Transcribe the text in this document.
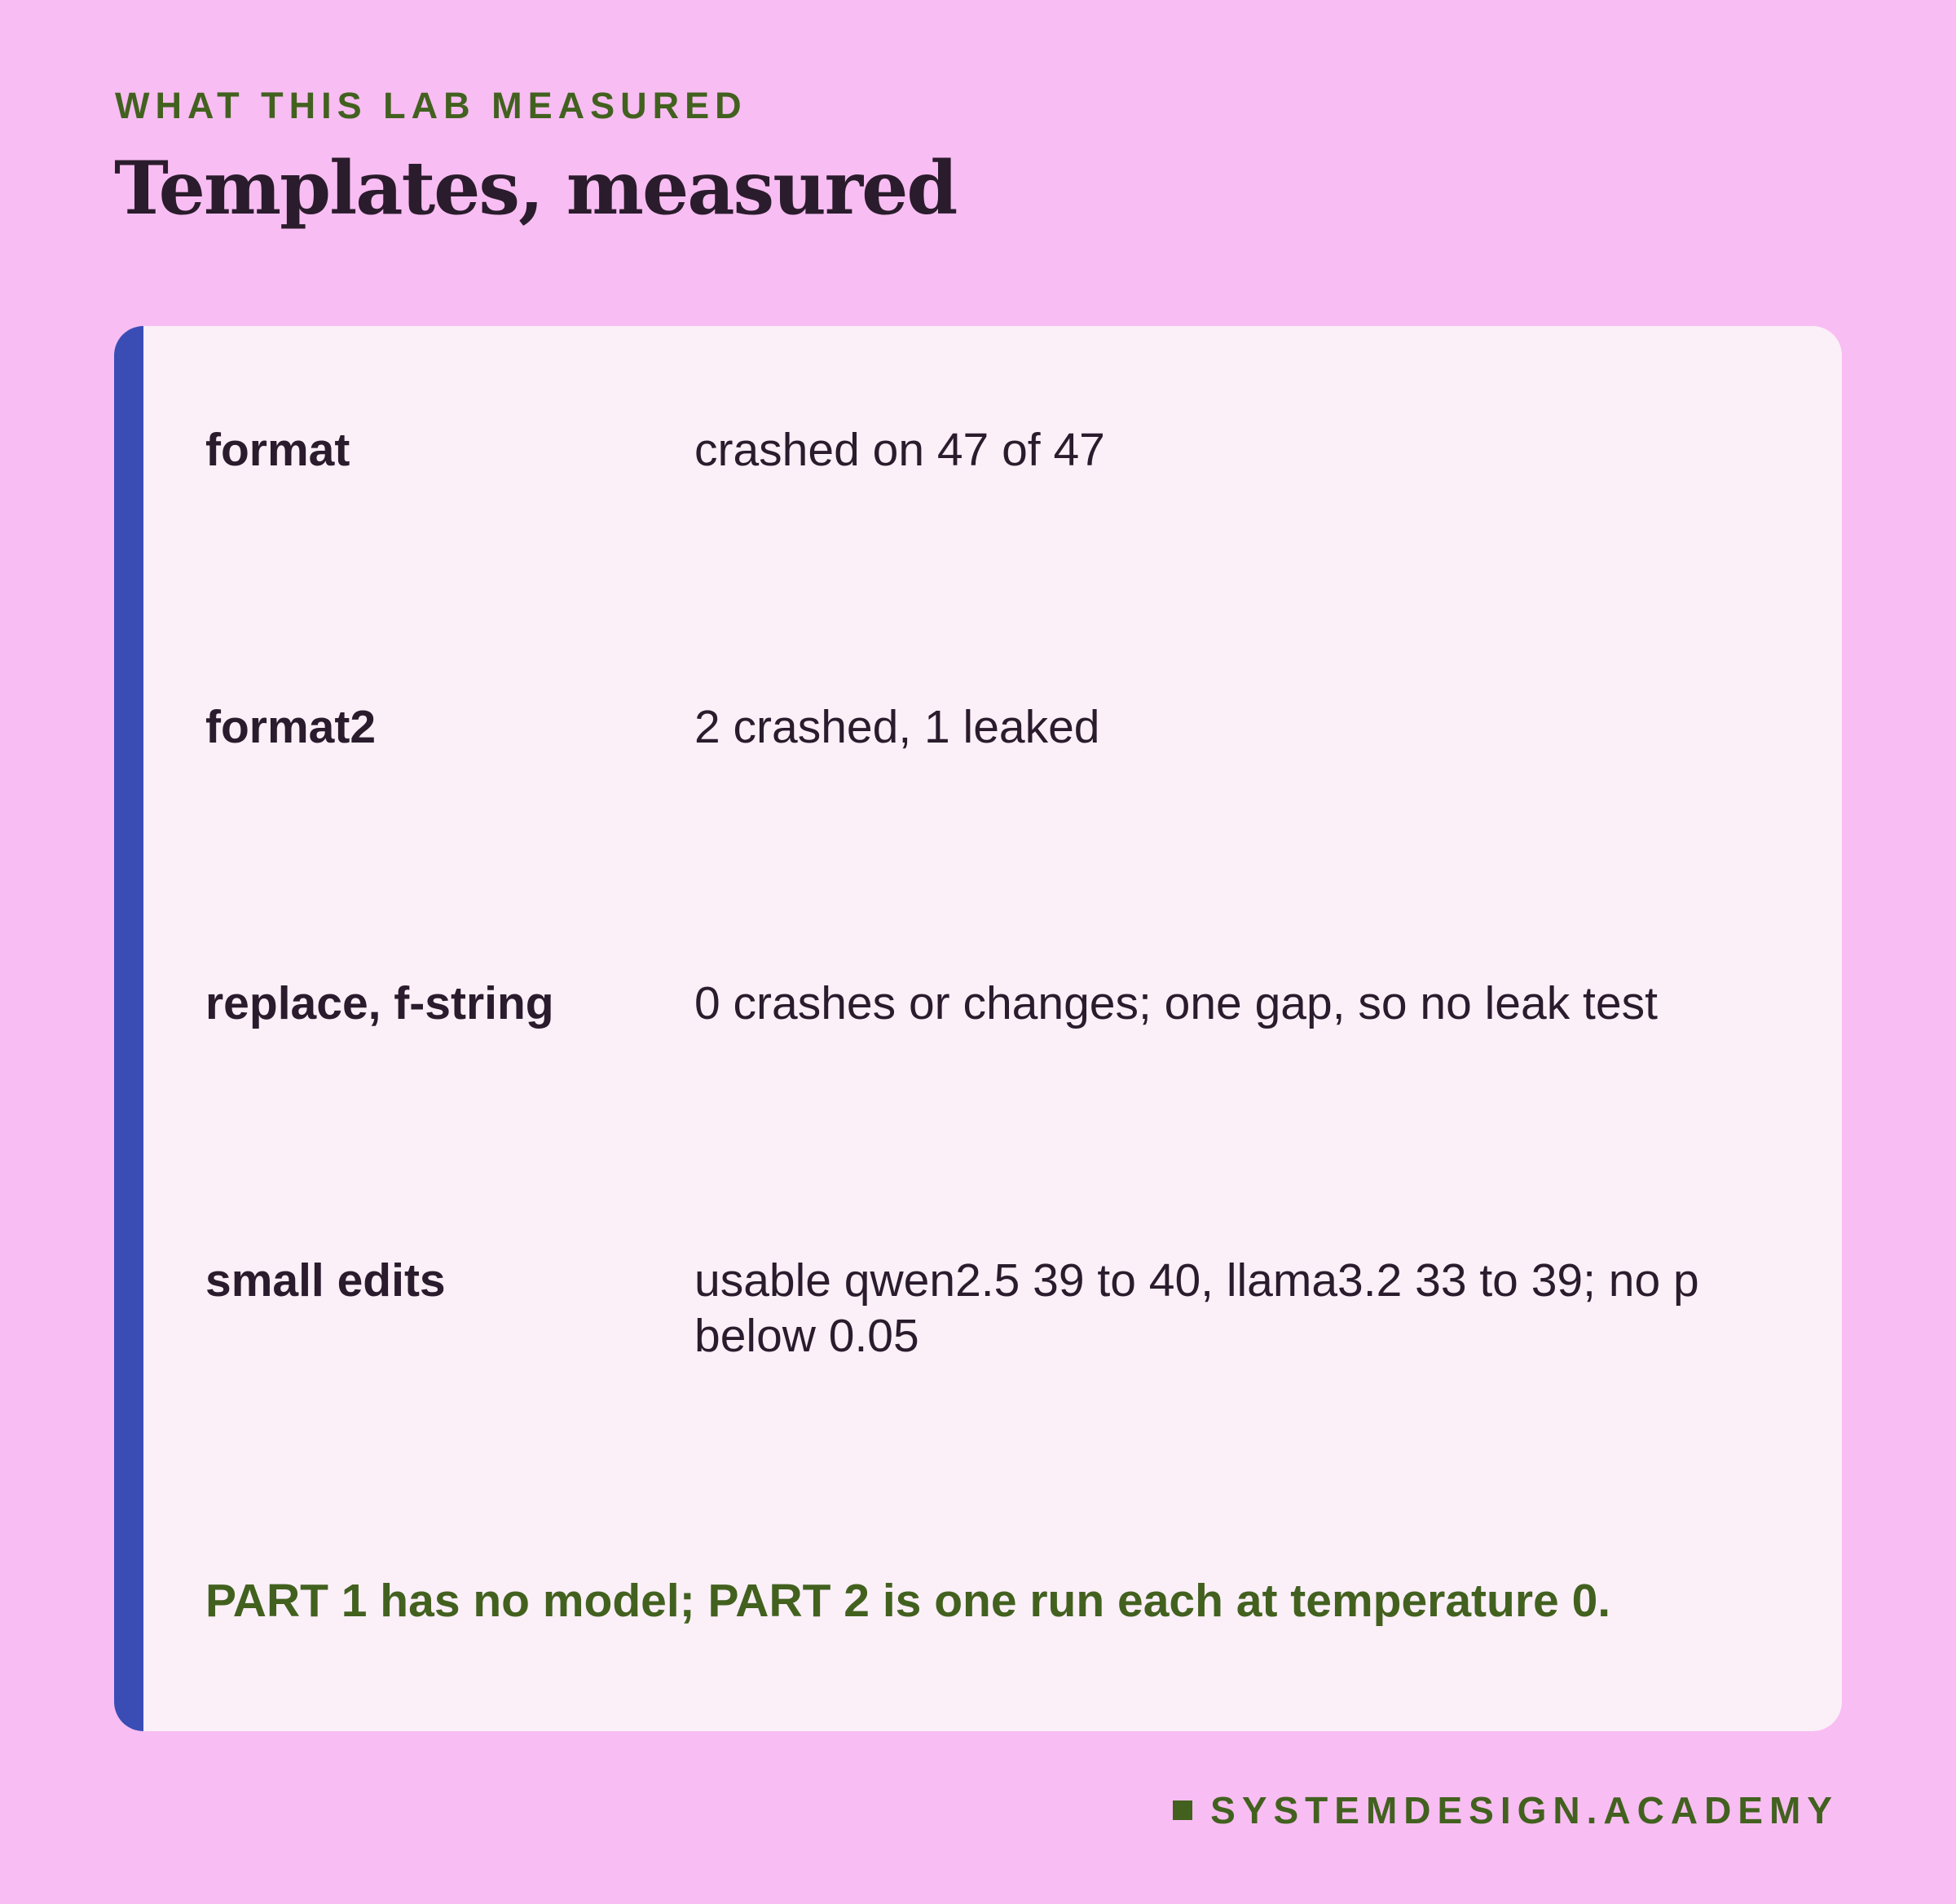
WHAT THIS LAB MEASURED
Templates, measured
format	crashed on 47 of 47
format2	2 crashed, 1 leaked
replace, f-string	0 crashes or changes; one gap, so no leak test
small edits	usable qwen2.5 39 to 40, llama3.2 33 to 39; no p below 0.05
PART 1 has no model; PART 2 is one run each at temperature 0.
SYSTEMDESIGN.ACADEMY
